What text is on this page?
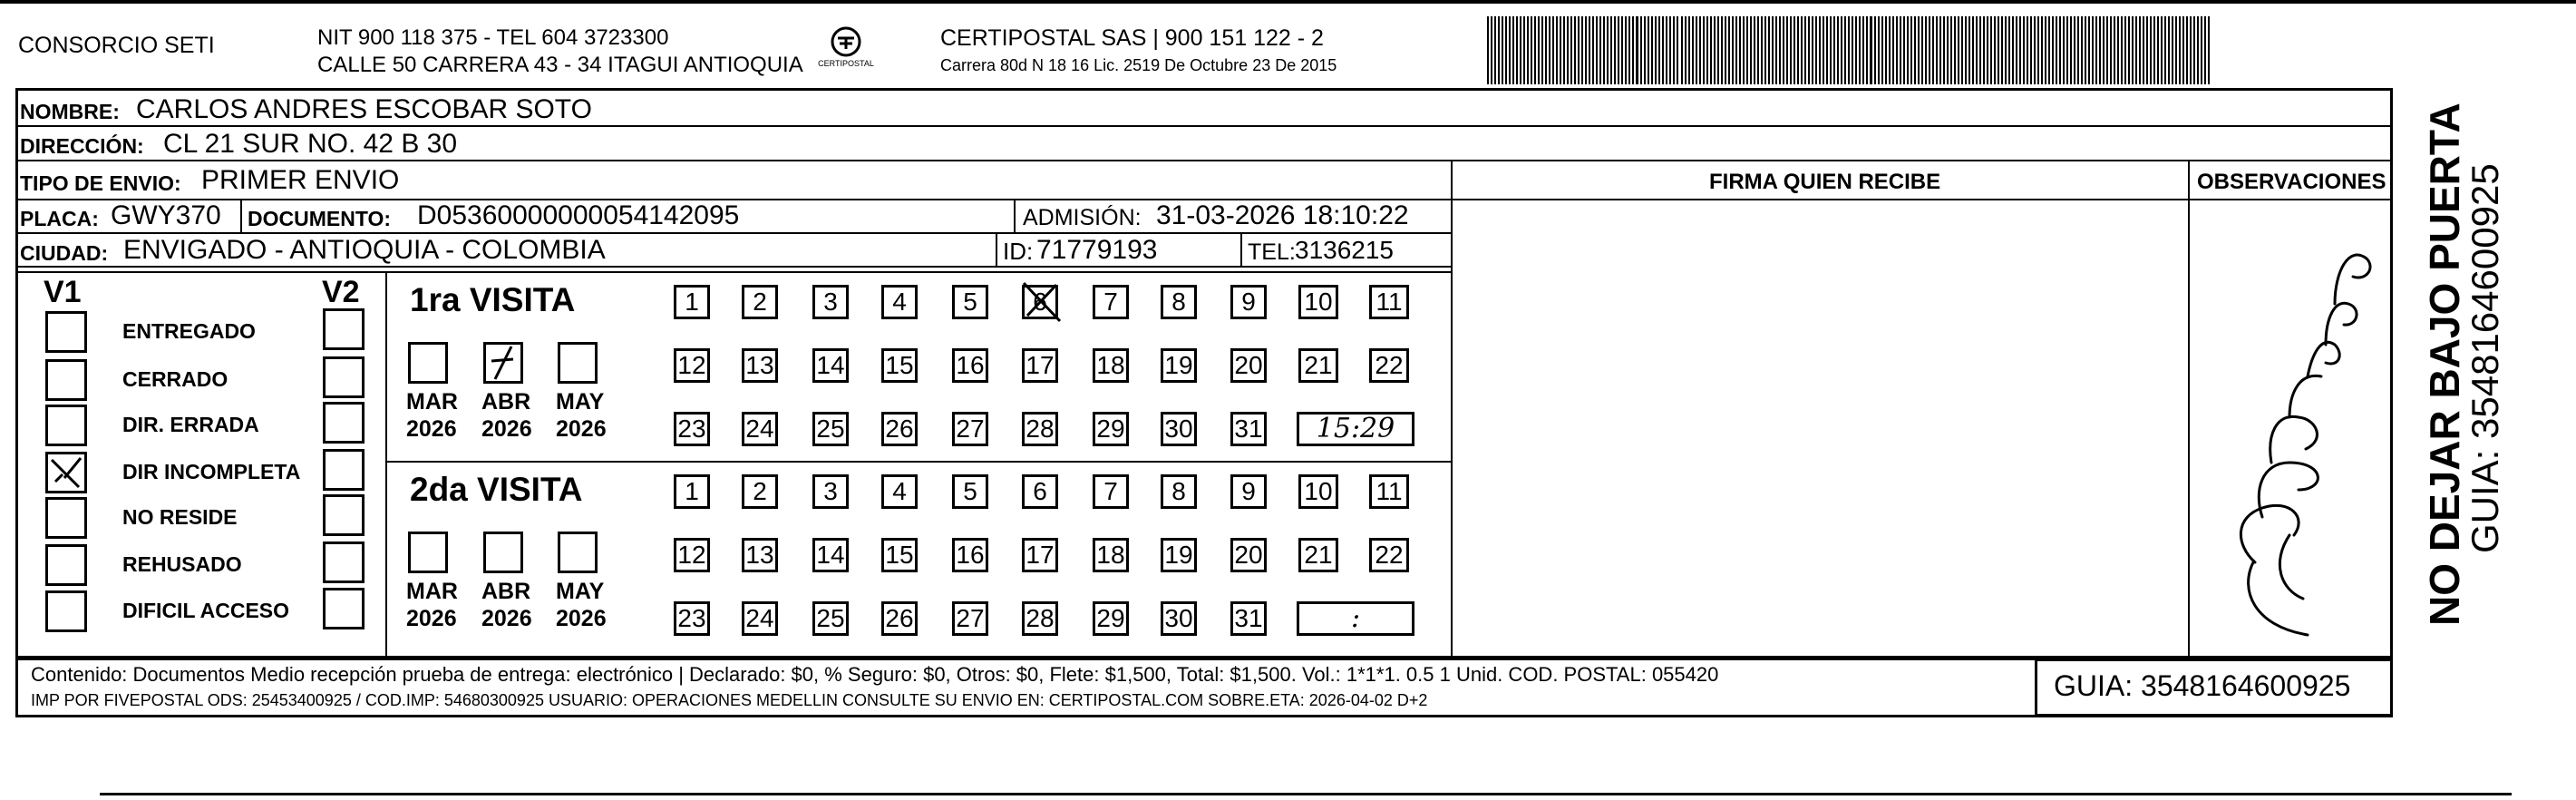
CONSORCIO SETI	NIT 900 118 375 - TEL 604 3723300
CALLE 50 CARRERA 43 - 34 ITAGUI ANTIOQUIA	CERTIPOSTAL
CERTIPOSTAL SAS | 900 151 122 - 2
Carrera 80d N 18 16 Lic. 2519 De Octubre 23 De 2015
NOMBRE: CARLOS ANDRES ESCOBAR SOTO
DIRECCIÓN: CL 21 SUR NO. 42 B 30
TIPO DE ENVIO: PRIMER ENVIO	FIRMA QUIEN RECIBE	OBSERVACIONES
PLACA: GWY370 DOCUMENTO: D05360000000054142095	ADMISIÓN: 31-03-2026 18:10:22
CIUDAD: ENVIGADO - ANTIOQUIA - COLOMBIA	ID: 71779193	TEL: 3136215
V1	V2
ENTREGADO
CERRADO
DIR. ERRADA
DIR INCOMPLETA
NO RESIDE
REHUSADO
DIFICIL ACCESO
1ra VISITA
MAR
2026
ABR
2026
MAY
2026
1	2	3	4	5	6	7	8	9	10 11
12 13 14 15 16 17 18 19 20 21 22
23 24 25 26 27 28 29 30 31	15:29
2da VISITA
MAR
2026
ABR
2026
MAY
2026
1	2	3	4	5	6	7	8	9	10 11
12 13 14 15 16 17 18 19 20 21 22
23 24 25 26 27 28 29 30 31	:
Contenido: Documentos Medio recepción prueba de entrega: electrónico | Declarado: $0, % Seguro: $0, Otros: $0, Flete: $1,500, Total: $1,500. Vol.: 1*1*1. 0.5 1 Unid. COD. POSTAL: 055420
IMP POR FIVEPOSTAL ODS: 25453400925 / COD.IMP: 54680300925 USUARIO: OPERACIONES MEDELLIN CONSULTE SU ENVIO EN: CERTIPOSTAL.COM SOBRE.ETA: 2026-04-02 D+2	GUIA: 3548164600925
NO DEJAR BAJO PUERTA
GUIA: 3548164600925
